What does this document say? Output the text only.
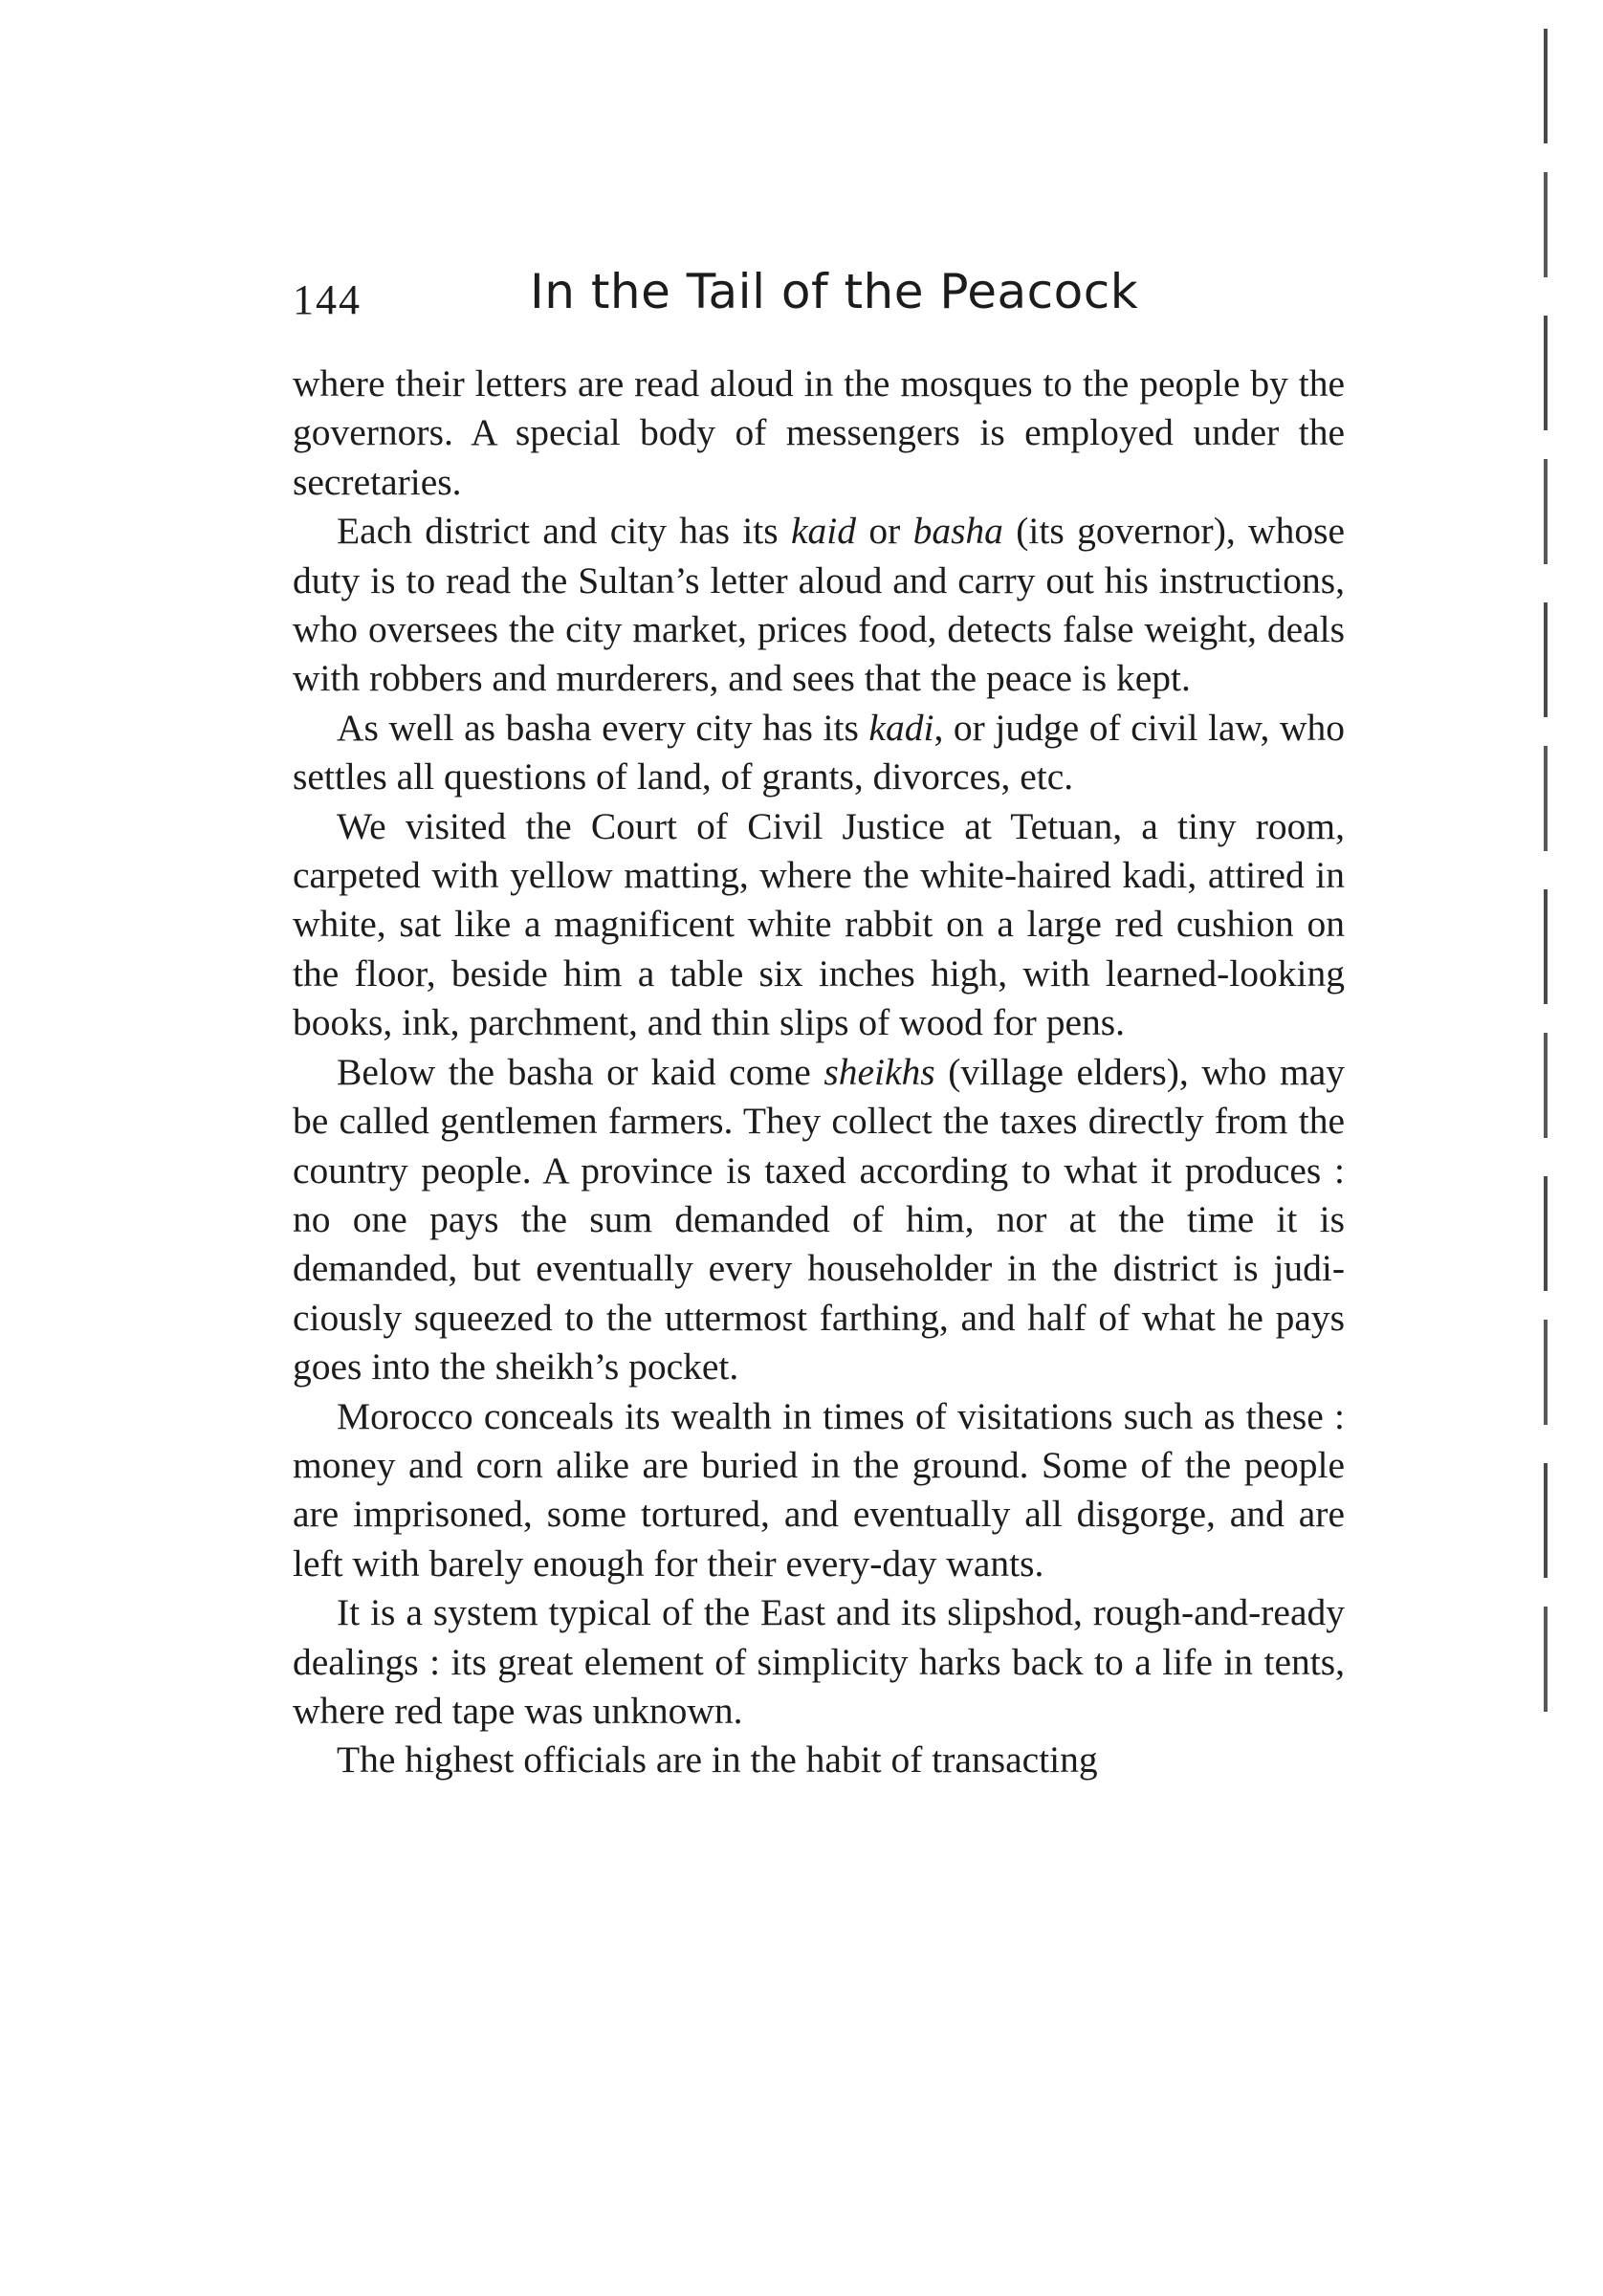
144	In the Tail of the Peacock

where their letters are read aloud in the mosques to the people by the governors. A special body of messengers is employed under the secretaries.

Each district and city has its kaid or basha (its governor), whose duty is to read the Sultan’s letter aloud and carry out his instructions, who oversees the city market, prices food, detects false weight, deals with robbers and murderers, and sees that the peace is kept.

As well as basha every city has its kadi, or judge of civil law, who settles all questions of land, of grants, divorces, etc.

We visited the Court of Civil Justice at Tetuan, a tiny room, carpeted with yellow matting, where the white-haired kadi, attired in white, sat like a magnificent white rabbit on a large red cushion on the floor, beside him a table six inches high, with learned-looking books, ink, parchment, and thin slips of wood for pens.

Below the basha or kaid come sheikhs (village elders), who may be called gentlemen farmers. They collect the taxes directly from the country people. A province is taxed according to what it produces : no one pays the sum demanded of him, nor at the time it is demanded, but eventually every householder in the district is judi-ciously squeezed to the uttermost farthing, and half of what he pays goes into the sheikh’s pocket.

Morocco conceals its wealth in times of visitations such as these : money and corn alike are buried in the ground. Some of the people are imprisoned, some tortured, and eventually all disgorge, and are left with barely enough for their every-day wants.

It is a system typical of the East and its slipshod, rough-and-ready dealings : its great element of simplicity harks back to a life in tents, where red tape was unknown.

The highest officials are in the habit of transacting
